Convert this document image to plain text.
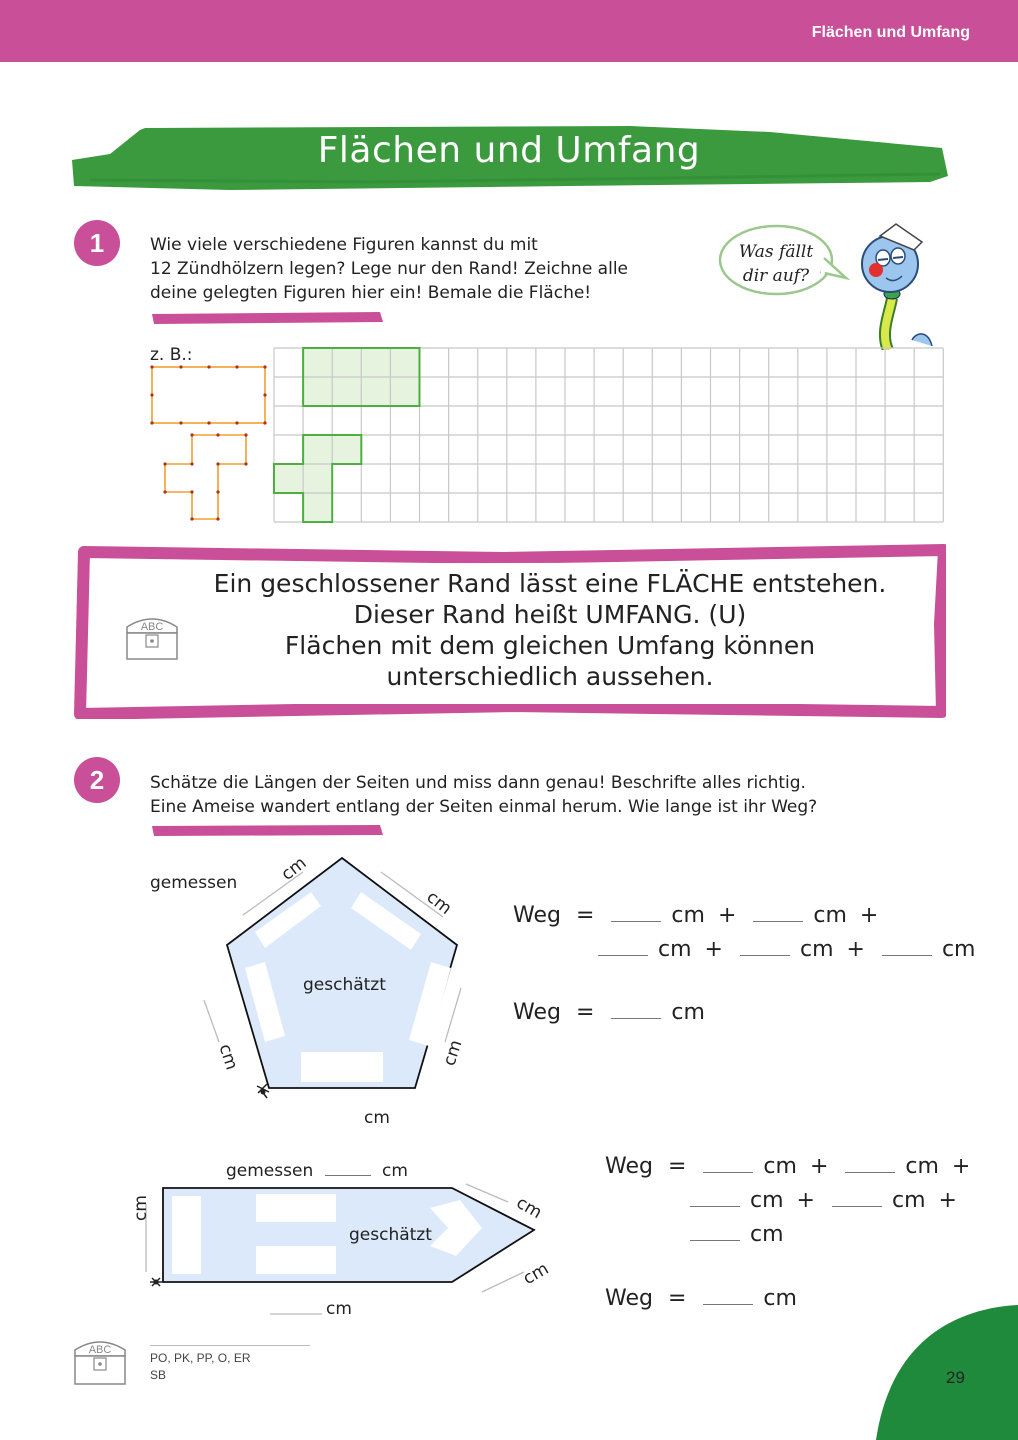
Flächen und Umfang
Flächen und Umfang
1	Wie viele verschiedene Figuren kannst du mit
12 Zündhölzern legen? Lege nur den Rand! Zeichne alle
deine gelegten Figuren hier ein! Bemale die Fläche!
Was fällt
dir auf?
z. B.:
ABC
Ein geschlossener Rand lässt eine FLÄCHE entstehen.
Dieser Rand heißt UMFANG. (U)
Flächen mit dem gleichen Umfang können
unterschiedlich aussehen.
2	Schätze die Längen der Seiten und miss dann genau! Beschrifte alles richtig.
Eine Ameise wandert entlang der Seiten einmal herum. Wie lange ist ihr Weg?
gemessen
geschätzt
cm
cm
cm	cm
cm
Weg =	cm +	cm +
cm +	cm +	cm
Weg =	cm
gemessen	cm
geschätzt
cm	cm
cm
cm
Weg =	cm +	cm +
cm +	cm +
cm
Weg =	cm
ABC
PO, PK, PP, O, ER
SB	29
